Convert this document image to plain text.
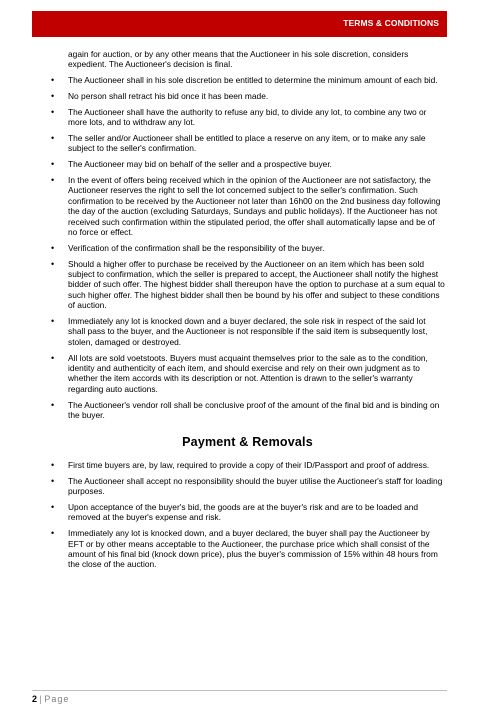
TERMS & CONDITIONS
again for auction, or by any other means that the Auctioneer in his sole discretion, considers expedient. The Auctioneer's decision is final.
• The Auctioneer shall in his sole discretion be entitled to determine the minimum amount of each bid.
• No person shall retract his bid once it has been made.
• The Auctioneer shall have the authority to refuse any bid, to divide any lot, to combine any two or more lots, and to withdraw any lot.
• The seller and/or Auctioneer shall be entitled to place a reserve on any item, or to make any sale subject to the seller's confirmation.
• The Auctioneer may bid on behalf of the seller and a prospective buyer.
• In the event of offers being received which in the opinion of the Auctioneer are not satisfactory, the Auctioneer reserves the right to sell the lot concerned subject to the seller's confirmation. Such confirmation to be received by the Auctioneer not later than 16h00 on the 2nd business day following the day of the auction (excluding Saturdays, Sundays and public holidays). If the Auctioneer has not received such confirmation within the stipulated period, the offer shall automatically lapse and be of no force or effect.
• Verification of the confirmation shall be the responsibility of the buyer.
• Should a higher offer to purchase be received by the Auctioneer on an item which has been sold subject to confirmation, which the seller is prepared to accept, the Auctioneer shall notify the highest bidder of such offer. The highest bidder shall thereupon have the option to purchase at a sum equal to such higher offer. The highest bidder shall then be bound by his offer and subject to these conditions of auction.
• Immediately any lot is knocked down and a buyer declared, the sole risk in respect of the said lot shall pass to the buyer, and the Auctioneer is not responsible if the said item is subsequently lost, stolen, damaged or destroyed.
• All lots are sold voetstoots. Buyers must acquaint themselves prior to the sale as to the condition, identity and authenticity of each item, and should exercise and rely on their own judgment as to whether the item accords with its description or not. Attention is drawn to the seller's warranty regarding auto auctions.
• The Auctioneer's vendor roll shall be conclusive proof of the amount of the final bid and is binding on the buyer.
Payment & Removals
• First time buyers are, by law, required to provide a copy of their ID/Passport and proof of address.
• The Auctioneer shall accept no responsibility should the buyer utilise the Auctioneer's staff for loading purposes.
• Upon acceptance of the buyer's bid, the goods are at the buyer's risk and are to be loaded and removed at the buyer's expense and risk.
• Immediately any lot is knocked down, and a buyer declared, the buyer shall pay the Auctioneer by EFT or by other means acceptable to the Auctioneer, the purchase price which shall consist of the amount of his final bid (knock down price), plus the buyer's commission of 15% within 48 hours from the close of the auction.
2 | Page
